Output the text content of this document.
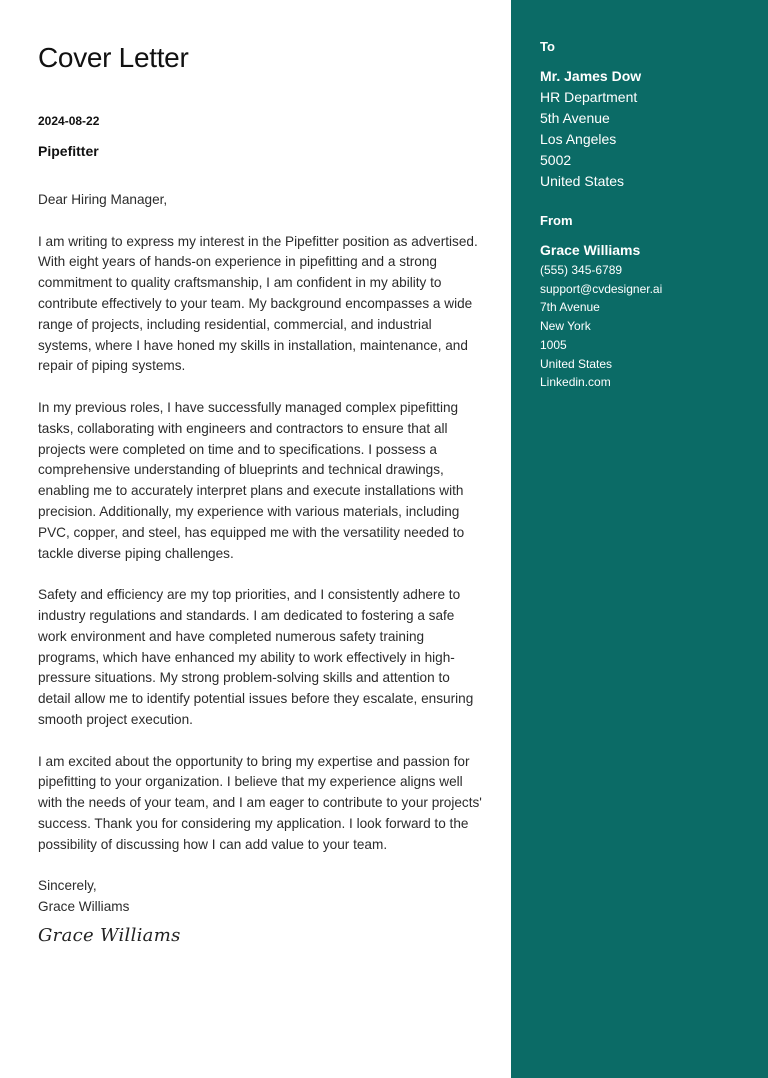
Cover Letter
2024-08-22
Pipefitter

Dear Hiring Manager,

I am writing to express my interest in the Pipefitter position as advertised. With eight years of hands-on experience in pipefitting and a strong commitment to quality craftsmanship, I am confident in my ability to contribute effectively to your team. My background encompasses a wide range of projects, including residential, commercial, and industrial systems, where I have honed my skills in installation, maintenance, and repair of piping systems.

In my previous roles, I have successfully managed complex pipefitting tasks, collaborating with engineers and contractors to ensure that all projects were completed on time and to specifications. I possess a comprehensive understanding of blueprints and technical drawings, enabling me to accurately interpret plans and execute installations with precision. Additionally, my experience with various materials, including PVC, copper, and steel, has equipped me with the versatility needed to tackle diverse piping challenges.

Safety and efficiency are my top priorities, and I consistently adhere to industry regulations and standards. I am dedicated to fostering a safe work environment and have completed numerous safety training programs, which have enhanced my ability to work effectively in high-pressure situations. My strong problem-solving skills and attention to detail allow me to identify potential issues before they escalate, ensuring smooth project execution.

I am excited about the opportunity to bring my expertise and passion for pipefitting to your organization. I believe that my experience aligns well with the needs of your team, and I am eager to contribute to your projects' success. Thank you for considering my application. I look forward to the possibility of discussing how I can add value to your team.

Sincerely,
Grace Williams
Grace Williams
To
Mr. James Dow
HR Department
5th Avenue
Los Angeles
5002
United States
From
Grace Williams
(555) 345-6789
support@cvdesigner.ai
7th Avenue
New York
1005
United States
Linkedin.com
